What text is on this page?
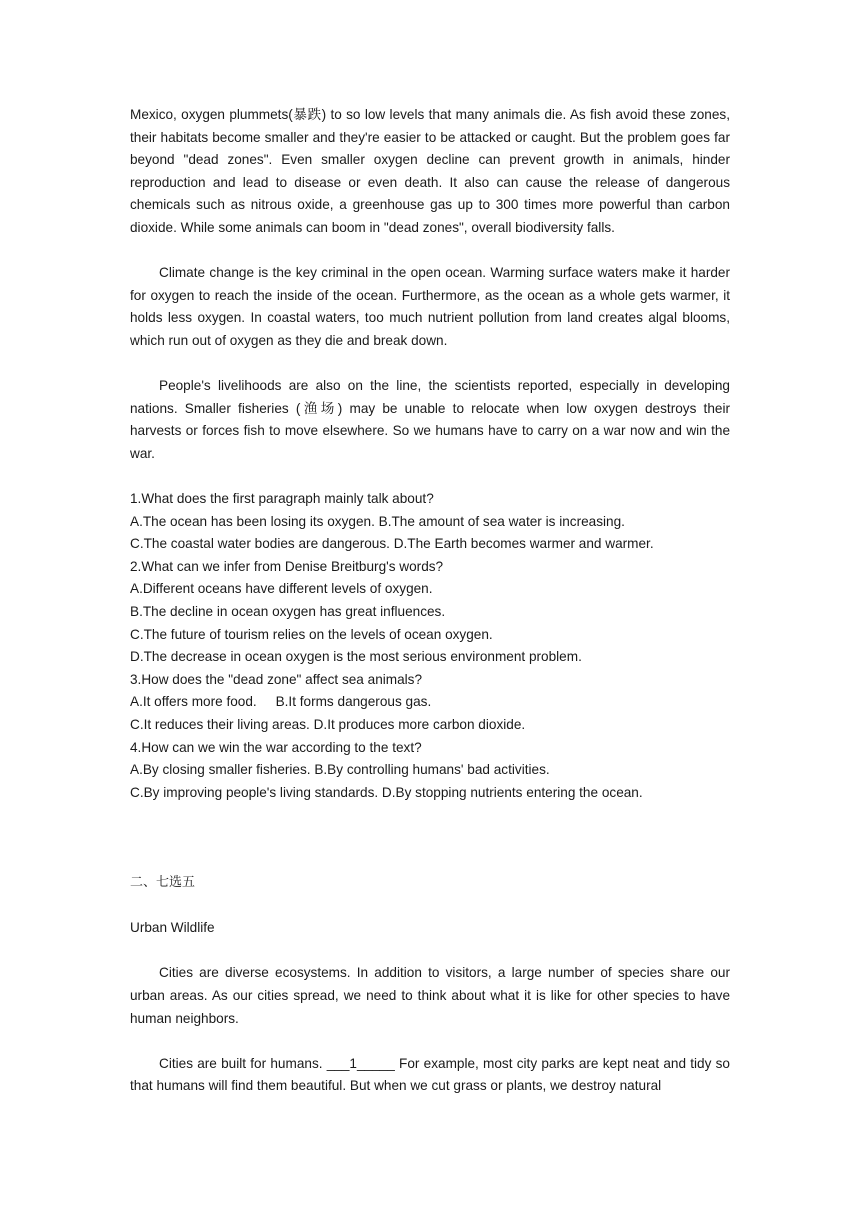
Mexico, oxygen plummets(暴跌) to so low levels that many animals die. As fish avoid these zones, their habitats become smaller and they're easier to be attacked or caught. But the problem goes far beyond "dead zones". Even smaller oxygen decline can prevent growth in animals, hinder reproduction and lead to disease or even death. It also can cause the release of dangerous chemicals such as nitrous oxide, a greenhouse gas up to 300 times more powerful than carbon dioxide. While some animals can boom in "dead zones", overall biodiversity falls.

Climate change is the key criminal in the open ocean. Warming surface waters make it harder for oxygen to reach the inside of the ocean. Furthermore, as the ocean as a whole gets warmer, it holds less oxygen. In coastal waters, too much nutrient pollution from land creates algal blooms, which run out of oxygen as they die and break down.

People's livelihoods are also on the line, the scientists reported, especially in developing nations. Smaller fisheries (渔场) may be unable to relocate when low oxygen destroys their harvests or forces fish to move elsewhere. So we humans have to carry on a war now and win the war.

1.What does the first paragraph mainly talk about?

A.The ocean has been losing its oxygen. B.The amount of sea water is increasing.

C.The coastal water bodies are dangerous. D.The Earth becomes warmer and warmer.

2.What can we infer from Denise Breitburg's words?

A.Different oceans have different levels of oxygen.

B.The decline in ocean oxygen has great influences.

C.The future of tourism relies on the levels of ocean oxygen.

D.The decrease in ocean oxygen is the most serious environment problem.

3.How does the "dead zone" affect sea animals?

A.It offers more food.     B.It forms dangerous gas.

C.It reduces their living areas. D.It produces more carbon dioxide.

4.How can we win the war according to the text?

A.By closing smaller fisheries. B.By controlling humans' bad activities.

C.By improving people's living standards. D.By stopping nutrients entering the ocean.

二、七选五

Urban Wildlife

Cities are diverse ecosystems. In addition to visitors, a large number of species share our urban areas. As our cities spread, we need to think about what it is like for other species to have human neighbors.

Cities are built for humans. ___1_____ For example, most city parks are kept neat and tidy so that humans will find them beautiful. But when we cut grass or plants, we destroy natural
